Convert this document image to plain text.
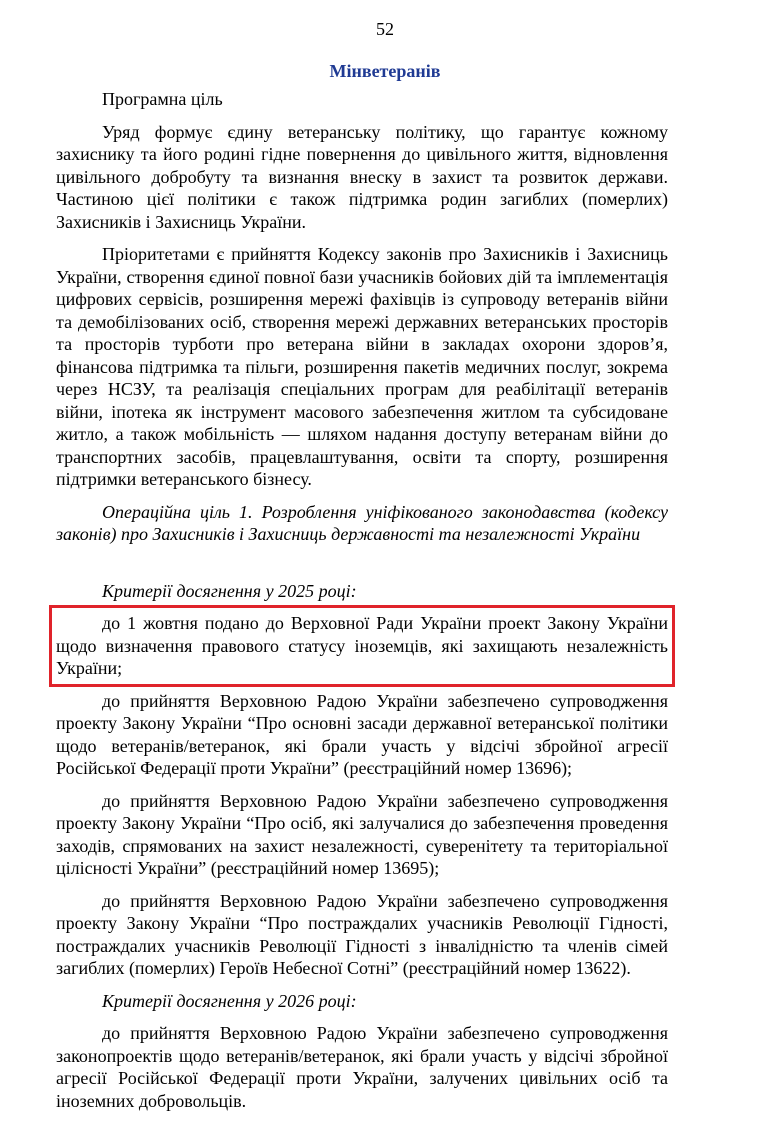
52
Мінветеранів

Програмна ціль

Уряд формує єдину ветеранську політику, що гарантує кожному захиснику та його родині гідне повернення до цивільного життя, відновлення цивільного добробуту та визнання внеску в захист та розвиток держави. Частиною цієї політики є також підтримка родин загиблих (померлих) Захисників і Захисниць України.

Пріоритетами є прийняття Кодексу законів про Захисників і Захисниць України, створення єдиної повної бази учасників бойових дій та імплементація цифрових сервісів, розширення мережі фахівців із супроводу ветеранів війни та демобілізованих осіб, створення мережі державних ветеранських просторів та просторів турботи про ветерана війни в закладах охорони здоров’я, фінансова підтримка та пільги, розширення пакетів медичних послуг, зокрема через НСЗУ, та реалізація спеціальних програм для реабілітації ветеранів війни, іпотека як інструмент масового забезпечення житлом та субсидоване житло, а також мобільність — шляхом надання доступу ветеранам війни до транспортних засобів, працевлаштування, освіти та спорту, розширення підтримки ветеранського бізнесу.

Операційна ціль 1. Розроблення уніфікованого законодавства (кодексу законів) про Захисників і Захисниць державності та незалежності України

Критерії досягнення у 2025 році:

до 1 жовтня подано до Верховної Ради України проект Закону України щодо визначення правового статусу іноземців, які захищають незалежність України;

до прийняття Верховною Радою України забезпечено супроводження проекту Закону України “Про основні засади державної ветеранської політики щодо ветеранів/ветеранок, які брали участь у відсічі збройної агресії Російської Федерації проти України” (реєстраційний номер 13696);

до прийняття Верховною Радою України забезпечено супроводження проекту Закону України “Про осіб, які залучалися до забезпечення проведення заходів, спрямованих на захист незалежності, суверенітету та територіальної цілісності України” (реєстраційний номер 13695);

до прийняття Верховною Радою України забезпечено супроводження проекту Закону України “Про постраждалих учасників Революції Гідності, постраждалих учасників Революції Гідності з інвалідністю та членів сімей загиблих (померлих) Героїв Небесної Сотні” (реєстраційний номер 13622).

Критерії досягнення у 2026 році:

до прийняття Верховною Радою України забезпечено супроводження законопроектів щодо ветеранів/ветеранок, які брали участь у відсічі збройної агресії Російської Федерації проти України, залучених цивільних осіб та іноземних добровольців.
